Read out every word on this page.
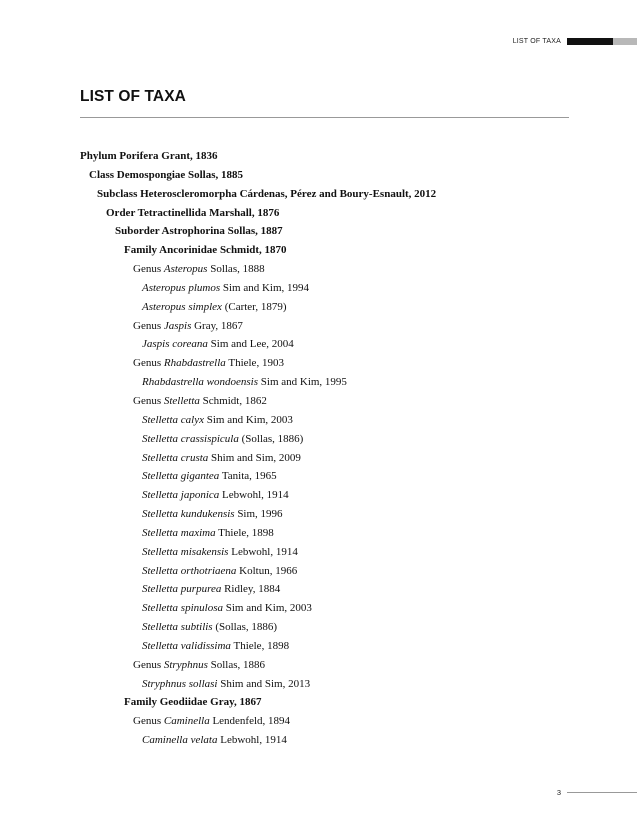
LIST OF TAXA
LIST OF TAXA
Phylum Porifera Grant, 1836
Class Demospongiae Sollas, 1885
Subclass Heteroscleromorpha Cárdenas, Pérez and Boury-Esnault, 2012
Order Tetractinellida Marshall, 1876
Suborder Astrophorina Sollas, 1887
Family Ancorinidae Schmidt, 1870
Genus Asteropus Sollas, 1888
Asteropus plumos Sim and Kim, 1994
Asteropus simplex (Carter, 1879)
Genus Jaspis Gray, 1867
Jaspis coreana Sim and Lee, 2004
Genus Rhabdastrella Thiele, 1903
Rhabdastrella wondoensis Sim and Kim, 1995
Genus Stelletta Schmidt, 1862
Stelletta calyx Sim and Kim, 2003
Stelletta crassispicula (Sollas, 1886)
Stelletta crusta Shim and Sim, 2009
Stelletta gigantea Tanita, 1965
Stelletta japonica Lebwohl, 1914
Stelletta kundukensis Sim, 1996
Stelletta maxima Thiele, 1898
Stelletta misakensis Lebwohl, 1914
Stelletta orthotriaena Koltun, 1966
Stelletta purpurea Ridley, 1884
Stelletta spinulosa Sim and Kim, 2003
Stelletta subtilis (Sollas, 1886)
Stelletta validissima Thiele, 1898
Genus Stryphnus Sollas, 1886
Stryphnus sollasi Shim and Sim, 2013
Family Geodiidae Gray, 1867
Genus Caminella Lendenfeld, 1894
Caminella velata Lebwohl, 1914
3
